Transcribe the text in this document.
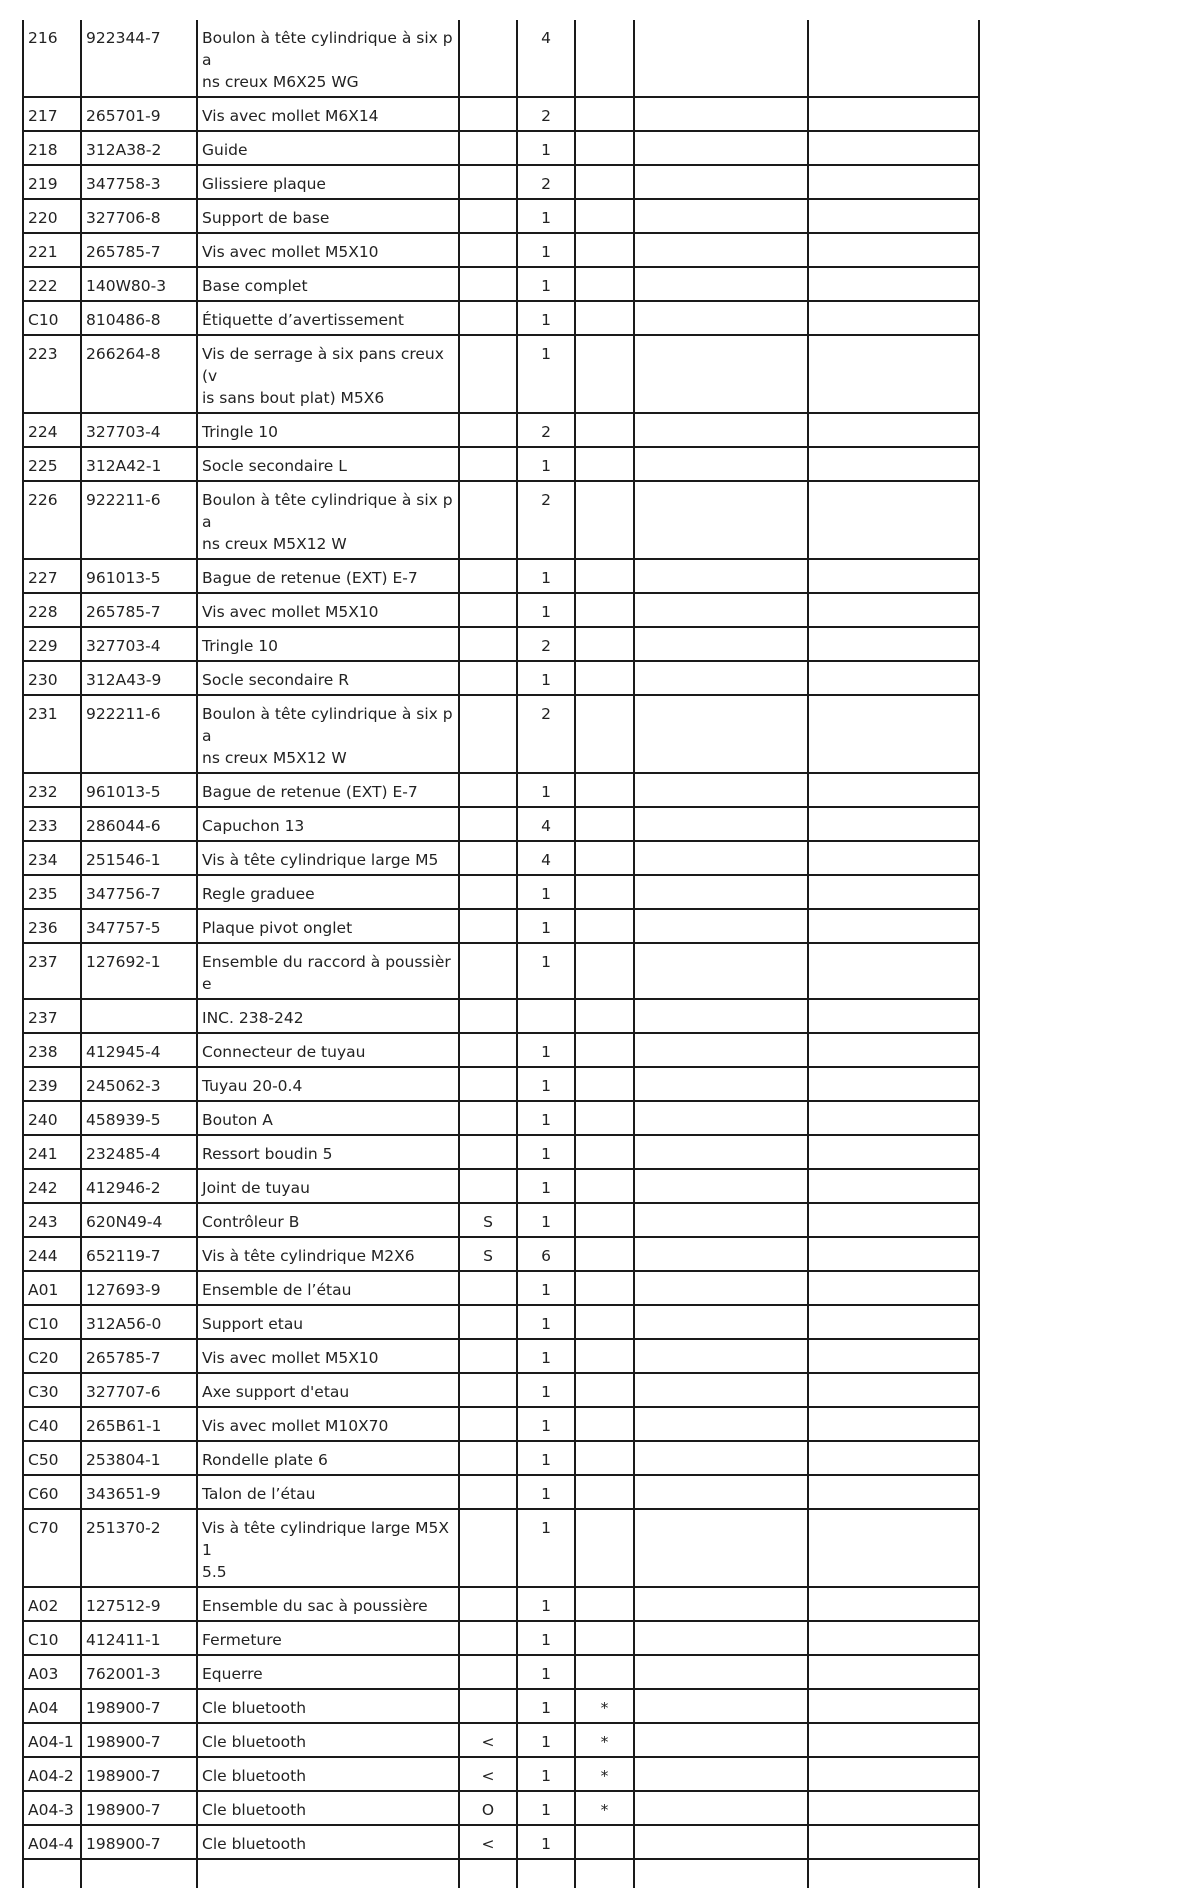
216	922344-7	Boulon à tête cylindrique à six pa
ns creux M6X25 WG		4			
217	265701-9	Vis avec mollet M6X14		2			
218	312A38-2	Guide		1			
219	347758-3	Glissiere plaque		2			
220	327706-8	Support de base		1			
221	265785-7	Vis avec mollet M5X10		1			
222	140W80-3	Base complet		1			
C10	810486-8	Étiquette d’avertissement		1			
223	266264-8	Vis de serrage à six pans creux (v
is sans bout plat) M5X6		1			
224	327703-4	Tringle 10		2			
225	312A42-1	Socle secondaire L		1			
226	922211-6	Boulon à tête cylindrique à six pa
ns creux M5X12 W		2			
227	961013-5	Bague de retenue (EXT) E-7		1			
228	265785-7	Vis avec mollet M5X10		1			
229	327703-4	Tringle 10		2			
230	312A43-9	Socle secondaire R		1			
231	922211-6	Boulon à tête cylindrique à six pa
ns creux M5X12 W		2			
232	961013-5	Bague de retenue (EXT) E-7		1			
233	286044-6	Capuchon 13		4			
234	251546-1	Vis à tête cylindrique large M5		4			
235	347756-7	Regle graduee		1			
236	347757-5	Plaque pivot onglet		1			
237	127692-1	Ensemble du raccord à poussièr
e		1			
237		INC. 238-242					
238	412945-4	Connecteur de tuyau		1			
239	245062-3	Tuyau 20-0.4		1			
240	458939-5	Bouton A		1			
241	232485-4	Ressort boudin 5		1			
242	412946-2	Joint de tuyau		1			
243	620N49-4	Contrôleur B	S	1			
244	652119-7	Vis à tête cylindrique M2X6	S	6			
A01	127693-9	Ensemble de l’étau		1			
C10	312A56-0	Support etau		1			
C20	265785-7	Vis avec mollet M5X10		1			
C30	327707-6	Axe support d'etau		1			
C40	265B61-1	Vis avec mollet M10X70		1			
C50	253804-1	Rondelle plate 6		1			
C60	343651-9	Talon de l’étau		1			
C70	251370-2	Vis à tête cylindrique large M5X1
5.5		1			
A02	127512-9	Ensemble du sac à poussière		1			
C10	412411-1	Fermeture		1			
A03	762001-3	Equerre		1			
A04	198900-7	Cle bluetooth		1	*		
A04-1	198900-7	Cle bluetooth	<	1	*		
A04-2	198900-7	Cle bluetooth	<	1	*		
A04-3	198900-7	Cle bluetooth	O	1	*		
A04-4	198900-7	Cle bluetooth	<	1			
